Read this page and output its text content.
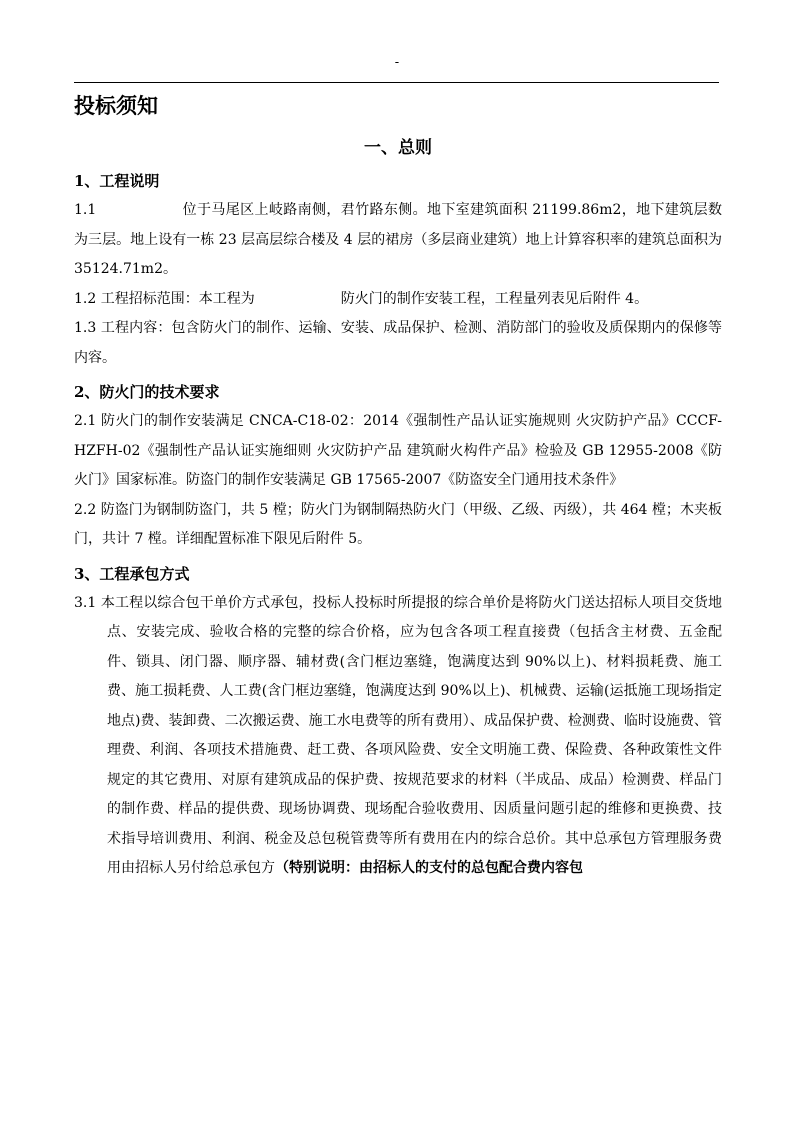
-
投标须知
一、总则
1、工程说明

1.1	位于马尾区上岐路南侧，君竹路东侧。地下室建筑面积 21199.86m2，地下建筑层数为三层。地上设有一栋 23 层高层综合楼及 4 层的裙房（多层商业建筑）地上计算容积率的建筑总面积为 35124.71m2。

1.2 工程招标范围：本工程为	防火门的制作安装工程，工程量列表见后附件 4。

1.3 工程内容：包含防火门的制作、运输、安装、成品保护、检测、消防部门的验收及质保期内的保修等内容。

2、防火门的技术要求

2.1 防火门的制作安装满足 CNCA-C18-02：2014《强制性产品认证实施规则 火灾防护产品》CCCF-HZFH-02《强制性产品认证实施细则 火灾防护产品 建筑耐火构件产品》检验及 GB 12955-2008《防火门》国家标准。防盗门的制作安装满足 GB 17565-2007《防盗安全门通用技术条件》

2.2 防盗门为钢制防盗门，共 5 樘；防火门为钢制隔热防火门（甲级、乙级、丙级），共 464 樘；木夹板门，共计 7 樘。详细配置标准下限见后附件 5。

3、工程承包方式

3.1 本工程以综合包干单价方式承包，投标人投标时所提报的综合单价是将防火门送达招标人项目交货地点、安装完成、验收合格的完整的综合价格，应为包含各项工程直接费（包括含主材费、五金配件、锁具、闭门器、顺序器、辅材费(含门框边塞缝，饱满度达到 90%以上)、材料损耗费、施工费、施工损耗费、人工费(含门框边塞缝，饱满度达到 90%以上)、机械费、运输(运抵施工现场指定地点)费、装卸费、二次搬运费、施工水电费等的所有费用）、成品保护费、检测费、临时设施费、管理费、利润、各项技术措施费、赶工费、各项风险费、安全文明施工费、保险费、各种政策性文件规定的其它费用、对原有建筑成品的保护费、按规范要求的材料（半成品、成品）检测费、样品门的制作费、样品的提供费、现场协调费、现场配合验收费用、因质量问题引起的维修和更换费、技术指导培训费用、利润、税金及总包税管费等所有费用在内的综合总价。其中总承包方管理服务费用由招标人另付给总承包方（特别说明：由招标人的支付的总包配合费内容包
